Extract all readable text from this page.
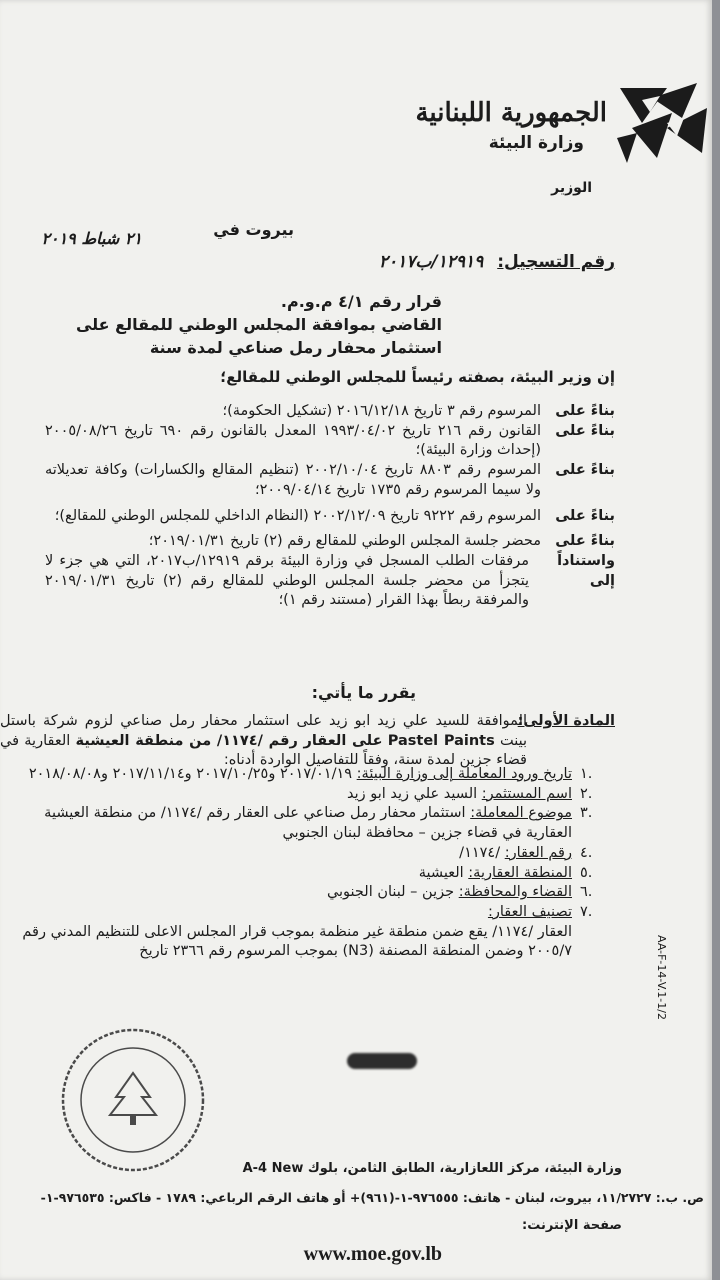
الجمهورية اللبنانية
وزارة البيئة
الوزير
بيروت في
٢١ شباط ٢٠١٩
رقم التسجيل: ١٢٩١٩/ب٢٠١٧
قرار رقم ٤/١ م.و.م.
القاضي بموافقة المجلس الوطني للمقالع على
استثمار محفار رمل صناعي لمدة سنة
إن وزير البيئة، بصفته رئيساً للمجلس الوطني للمقالع؛
بناءً على
المرسوم رقم ٣ تاريخ ٢٠١٦/١٢/١٨ (تشكيل الحكومة)؛
بناءً على
القانون رقم ٢١٦ تاريخ ١٩٩٣/٠٤/٠٢ المعدل بالقانون رقم ٦٩٠ تاريخ ٢٠٠٥/٠٨/٢٦ (إحداث وزارة البيئة)؛
بناءً على
المرسوم رقم ٨٨٠٣ تاريخ ٢٠٠٢/١٠/٠٤ (تنظيم المقالع والكسارات) وكافة تعديلاته ولا سيما المرسوم رقم ١٧٣٥ تاريخ ٢٠٠٩/٠٤/١٤؛
بناءً على
المرسوم رقم ٩٢٢٢ تاريخ ٢٠٠٢/١٢/٠٩ (النظام الداخلي للمجلس الوطني للمقالع)؛
بناءً على
محضر جلسة المجلس الوطني للمقالع رقم (٢) تاريخ ٢٠١٩/٠١/٣١؛
واستناداً إلى
مرفقات الطلب المسجل في وزارة البيئة برقم ١٢٩١٩/ب٢٠١٧، التي هي جزء لا يتجزأ من محضر جلسة المجلس الوطني للمقالع رقم (٢) تاريخ ٢٠١٩/٠١/٣١ والمرفقة ربطاً بهذا القرار (مستند رقم ١)؛
يقرر ما يأتي:
المادة الأولى:
الموافقة للسيد علي زيد ابو زيد على استثمار محفار رمل صناعي لزوم شركة باستل بينت Pastel Paints على العقار رقم /١١٧٤/ من منطقة العيشية العقارية في قضاء جزين لمدة سنة، وفقاً للتفاصيل الواردة أدناه:
.١
تاريخ ورود المعاملة إلى وزارة البيئة: ٢٠١٧/٠١/١٩ و٢٠١٧/١٠/٢٥ و٢٠١٧/١١/١٤ و٢٠١٨/٠٨/٠٨
.٢
اسم المستثمر: السيد علي زيد ابو زيد
.٣
موضوع المعاملة: استثمار محفار رمل صناعي على العقار رقم /١١٧٤/ من منطقة العيشية العقارية في قضاء جزين – محافظة لبنان الجنوبي
.٤
رقم العقار: /١١٧٤/
.٥
المنطقة العقارية: العيشية
.٦
القضاء والمحافظة: جزين – لبنان الجنوبي
.٧
تصنيف العقار:
العقار /١١٧٤/ يقع ضمن منطقة غير منظمة بموجب قرار المجلس الاعلى للتنظيم المدني رقم ٢٠٠٥/٧ وضمن المنطقة المصنفة (N3) بموجب المرسوم رقم ٢٣٦٦ تاريخ	AA-F-14-V.1-1/2
وزارة البيئة، مركز اللعازارية، الطابق الثامن، بلوك A-4 New
ص. ب.: ١١/٢٧٢٧، بيروت، لبنان - هاتف: ٩٧٦٥٥٥-١-(٩٦١)+ أو هاتف الرقم الرباعي: ١٧٨٩ - فاكس: ٩٧٦٥٣٥-١-
صفحة الإنترنت:
www.moe.gov.lb
